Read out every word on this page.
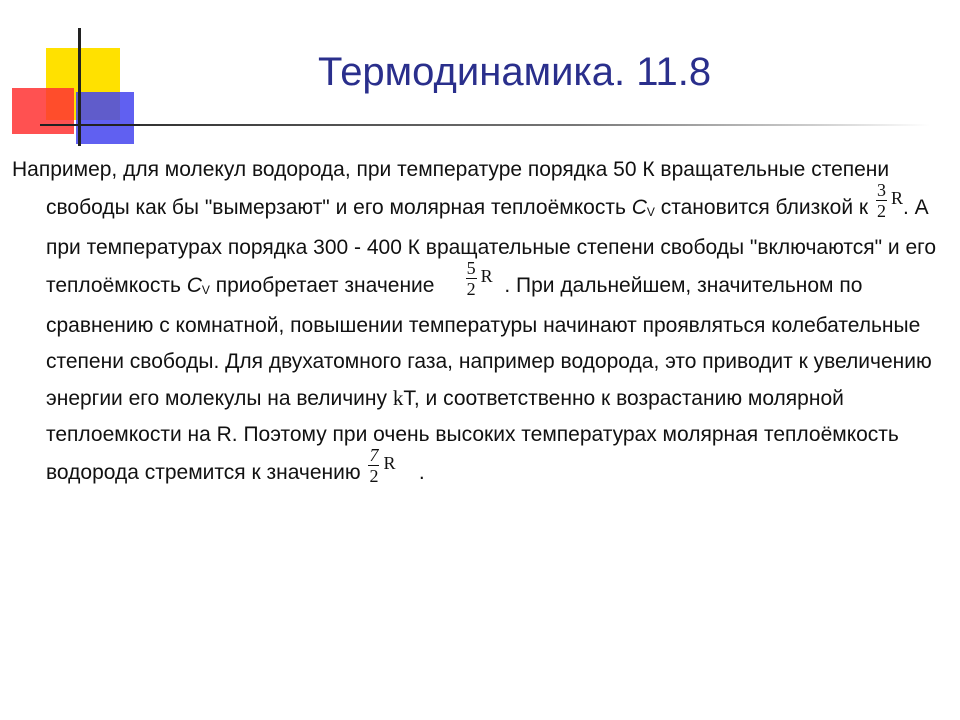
Термодинамика. 11.8
Например, для молекул водорода, при температуре порядка 50 К вращательные степени свободы как бы "вымерзают" и его молярная теплоёмкость $C_V$ становится близкой к $\frac{3}{2} R$. А при температурах порядка 300 - 400 К вращательные степени свободы "включаются" и его теплоёмкость $C_V$ приобретает значение $\frac{5}{2}$ R . При дальнейшем, значительном по сравнению с комнатной, повышении температуры начинают проявляться колебательные степени свободы. Для двухатомного газа, например водорода, это приводит к увеличению энергии его молекулы на величину kT, и соответственно к возрастанию молярной теплоемкости на R. Поэтому при очень высоких температурах молярная теплоёмкость водорода стремится к значению $\frac{7}{2}$ R .
